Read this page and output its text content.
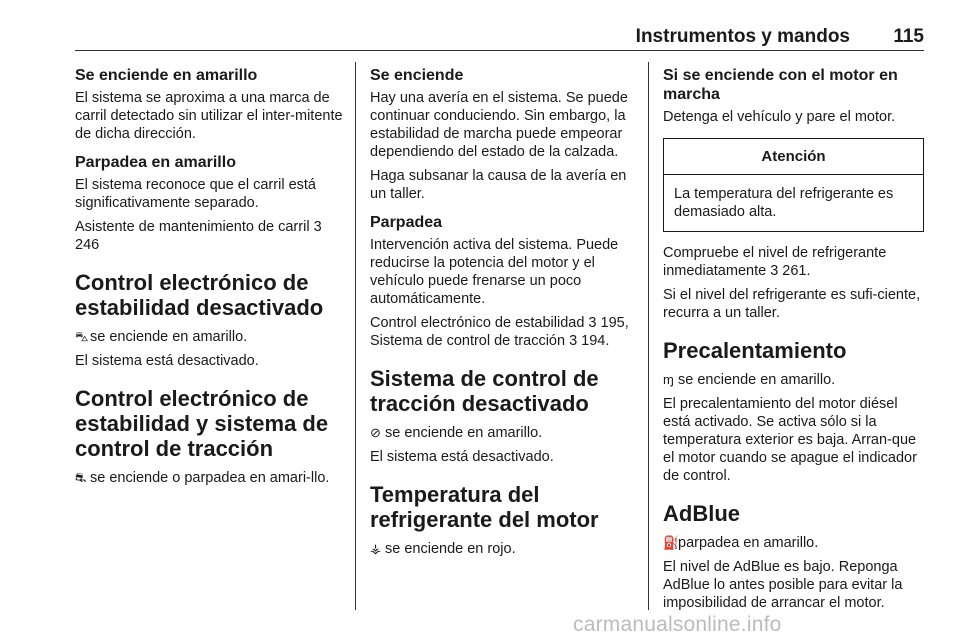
Instrumentos y mandos 115
Se enciende en amarillo
El sistema se aproxima a una marca de carril detectado sin utilizar el inter-mitente de dicha dirección.
Parpadea en amarillo
El sistema reconoce que el carril está significativamente separado.
Asistente de mantenimiento de carril 3 246
Control electrónico de estabilidad desactivado
⛍ se enciende en amarillo.
El sistema está desactivado.
Control electrónico de estabilidad y sistema de control de tracción
⛐ se enciende o parpadea en amari-llo.
Se enciende
Hay una avería en el sistema. Se puede continuar conduciendo. Sin embargo, la estabilidad de marcha puede empeorar dependiendo del estado de la calzada.
Haga subsanar la causa de la avería en un taller.
Parpadea
Intervención activa del sistema. Puede reducirse la potencia del motor y el vehículo puede frenarse un poco automáticamente.
Control electrónico de estabilidad 3 195, Sistema de control de tracción 3 194.
Sistema de control de tracción desactivado
⊘ se enciende en amarillo.
El sistema está desactivado.
Temperatura del refrigerante del motor
⚶ se enciende en rojo.
Si se enciende con el motor en marcha
Detenga el vehículo y pare el motor.
Atención
La temperatura del refrigerante es demasiado alta.
Compruebe el nivel de refrigerante inmediatamente 3 261.
Si el nivel del refrigerante es sufi-ciente, recurra a un taller.
Precalentamiento
ɱ se enciende en amarillo.
El precalentamiento del motor diésel está activado. Se activa sólo si la temperatura exterior es baja. Arran-que el motor cuando se apague el indicador de control.
AdBlue
⛽parpadea en amarillo.
El nivel de AdBlue es bajo. Reponga AdBlue lo antes posible para evitar la imposibilidad de arrancar el motor.
carmanualsonline.info
